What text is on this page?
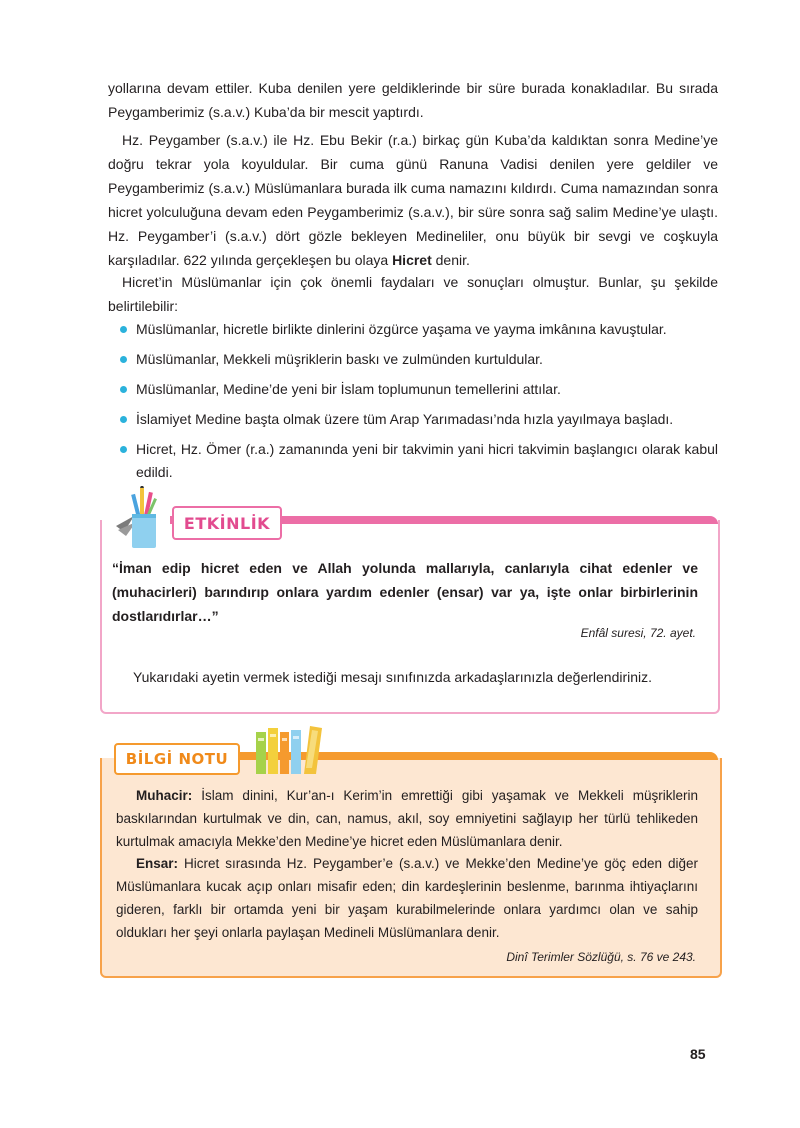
yollarına devam ettiler. Kuba denilen yere geldiklerinde bir süre burada konakladılar. Bu sırada Peygamberimiz (s.a.v.) Kuba’da bir mescit yaptırdı.

Hz. Peygamber (s.a.v.) ile Hz. Ebu Bekir (r.a.) birkaç gün Kuba’da kaldıktan sonra Medine’ye doğru tekrar yola koyuldular. Bir cuma günü Ranuna Vadisi denilen yere geldiler ve Peygamberimiz (s.a.v.) Müslümanlara burada ilk cuma namazını kıldırdı. Cuma namazından sonra hicret yolculuğuna devam eden Peygamberimiz (s.a.v.), bir süre sonra sağ salim Medine’ye ulaştı. Hz. Peygamber’i (s.a.v.) dört gözle bekleyen Medineliler, onu büyük bir sevgi ve coşkuyla karşıladılar. 622 yılında gerçekleşen bu olaya Hicret denir.

Hicret’in Müslümanlar için çok önemli faydaları ve sonuçları olmuştur. Bunlar, şu şekilde belirtilebilir:

Müslümanlar, hicretle birlikte dinlerini özgürce yaşama ve yayma imkânına kavuştular.
Müslümanlar, Mekkeli müşriklerin baskı ve zulmünden kurtuldular.
Müslümanlar, Medine’de yeni bir İslam toplumunun temellerini attılar.
İslamiyet Medine başta olmak üzere tüm Arap Yarımadası’nda hızla yayılmaya başladı.
Hicret, Hz. Ömer (r.a.) zamanında yeni bir takvimin yani hicri takvimin başlangıcı olarak kabul edildi.
ETKİNLİK

“İman edip hicret eden ve Allah yolunda mallarıyla, canlarıyla cihat edenler ve (muhacirleri) barındırıp onlara yardım edenler (ensar) var ya, işte onlar birbirlerinin dostlarıdırlar…”

Enfâl suresi, 72. ayet.
Yukarıdaki ayetin vermek istediği mesajı sınıfınızda arkadaşlarınızla değerlendiriniz.
BİLGİ NOTU

Muhacir: İslam dinini, Kur’an-ı Kerim’in emrettiği gibi yaşamak ve Mekkeli müşriklerin baskılarından kurtulmak ve din, can, namus, akıl, soy emniyetini sağlayıp her türlü tehlikeden kurtulmak amacıyla Mekke’den Medine’ye hicret eden Müslümanlara denir.

Ensar: Hicret sırasında Hz. Peygamber’e (s.a.v.) ve Mekke’den Medine’ye göç eden diğer Müslümanlara kucak açıp onları misafir eden; din kardeşlerinin beslenme, barınma ihtiyaçlarını gideren, farklı bir ortamda yeni bir yaşam kurabilmelerinde onlara yardımcı olan ve sahip oldukları her şeyi onlarla paylaşan Medineli Müslümanlara denir.

Dinî Terimler Sözlüğü, s. 76 ve 243.
85
